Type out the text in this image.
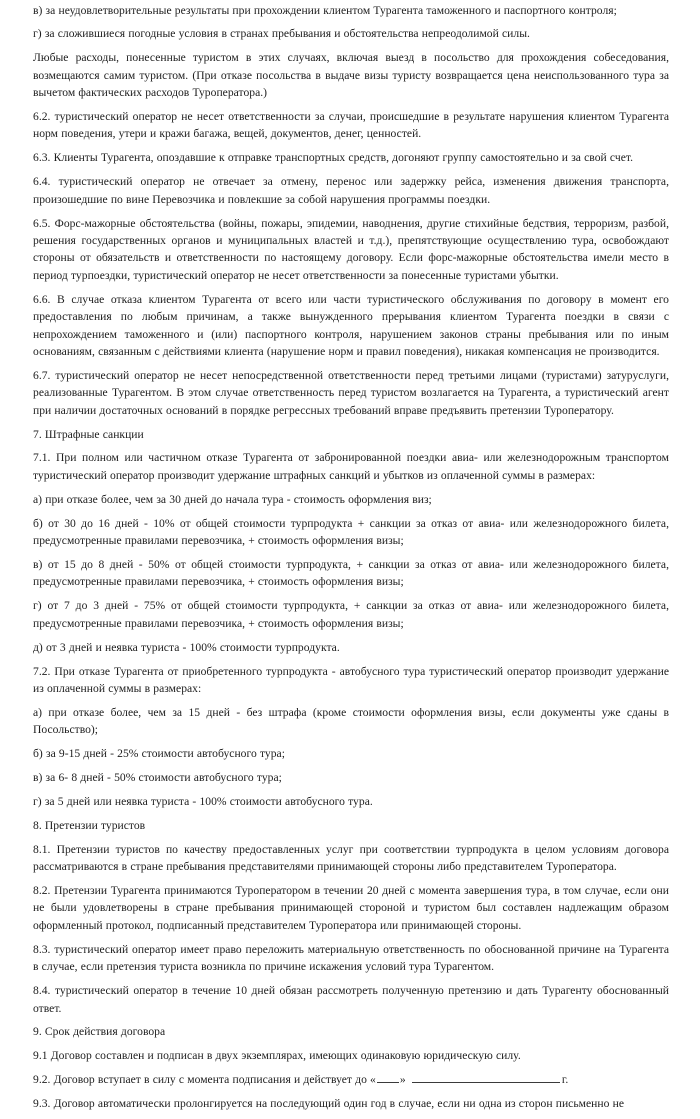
в) за неудовлетворительные результаты при прохождении клиентом Турагента таможенного и паспортного контроля;

г) за сложившиеся погодные условия в странах пребывания и обстоятельства непреодолимой силы.

Любые расходы, понесенные туристом в этих случаях, включая выезд в посольство для прохождения собеседования, возмещаются самим туристом. (При отказе посольства в выдаче визы туристу возвращается цена неиспользованного тура за вычетом фактических расходов Туроператора.)

6.2. туристический оператор не несет ответственности за случаи, происшедшие в результате нарушения клиентом Турагента норм поведения, утери и кражи багажа, вещей, документов, денег, ценностей.

6.3. Клиенты Турагента, опоздавшие к отправке транспортных средств, догоняют группу самостоятельно и за свой счет.

6.4. туристический оператор не отвечает за отмену, перенос или задержку рейса, изменения движения транспорта, произошедшие по вине Перевозчика и повлекшие за собой нарушения программы поездки.

6.5. Форс-мажорные обстоятельства (войны, пожары, эпидемии, наводнения, другие стихийные бедствия, терроризм, разбой, решения государственных органов и муниципальных властей и т.д.), препятствующие осуществлению тура, освобождают стороны от обязательств и ответственности по настоящему договору. Если форс-мажорные обстоятельства имели место в период турпоездки, туристический оператор не несет ответственности за понесенные туристами убытки.

6.6. В случае отказа клиентом Турагента от всего или части туристического обслуживания по договору в момент его предоставления по любым причинам, а также вынужденного прерывания клиентом Турагента поездки в связи с непрохождением таможенного и (или) паспортного контроля, нарушением законов страны пребывания или по иным основаниям, связанным с действиями клиента (нарушение норм и правил поведения), никакая компенсация не производится.

6.7. туристический оператор не несет непосредственной ответственности перед третьими лицами (туристами) затуруслуги, реализованные Турагентом. В этом случае ответственность перед туристом возлагается на Турагента, а туристический агент при наличии достаточных оснований в порядке регрессных требований вправе предъявить претензии Туроператору.

7. Штрафные санкции

7.1. При полном или частичном отказе Турагента от забронированной поездки авиа- или железнодорожным транспортом туристический оператор производит удержание штрафных санкций и убытков из оплаченной суммы в размерах:

а) при отказе более, чем за 30 дней до начала тура - стоимость оформления виз;

б) от 30 до 16 дней - 10% от общей стоимости турпродукта + санкции за отказ от авиа- или железнодорожного билета, предусмотренные правилами перевозчика, + стоимость оформления визы;

в) от 15 до 8 дней - 50% от общей стоимости турпродукта, + санкции за отказ от авиа- или железнодорожного билета, предусмотренные правилами перевозчика, + стоимость оформления визы;

г) от 7 до 3 дней - 75% от общей стоимости турпродукта, + санкции за отказ от авиа- или железнодорожного билета, предусмотренные правилами перевозчика, + стоимость оформления визы;

д) от 3 дней и неявка туриста - 100% стоимости турпродукта.

7.2. При отказе Турагента от приобретенного турпродукта - автобусного тура туристический оператор производит удержание из оплаченной суммы в размерах:

а) при отказе более, чем за 15 дней - без штрафа (кроме стоимости оформления визы, если документы уже сданы в Посольство);

б) за 9-15 дней - 25% стоимости автобусного тура;

в) за 6- 8 дней - 50% стоимости автобусного тура;

г) за 5 дней или неявка туриста - 100% стоимости автобусного тура.

8. Претензии туристов

8.1. Претензии туристов по качеству предоставленных услуг при соответствии турпродукта в целом условиям договора рассматриваются в стране пребывания представителями принимающей стороны либо представителем Туроператора.

8.2. Претензии Турагента принимаются Туроператором в течении 20 дней с момента завершения тура, в том случае, если они не были удовлетворены в стране пребывания принимающей стороной и туристом был составлен надлежащим образом оформленный протокол, подписанный представителем Туроператора или принимающей стороны.

8.3. туристический оператор имеет право переложить материальную ответственность по обоснованной причине на Турагента в случае, если претензия туриста возникла по причине искажения условий тура Турагентом.

8.4. туристический оператор в течение 10 дней обязан рассмотреть полученную претензию и дать Турагенту обоснованный ответ.

9. Срок действия договора

9.1 Договор составлен и подписан в двух экземплярах, имеющих одинаковую юридическую силу.

9.2. Договор вступает в силу с момента подписания и действует до « »	г.

9.3. Договор автоматически пролонгируется на последующий один год в случае, если ни одна из сторон письменно не
